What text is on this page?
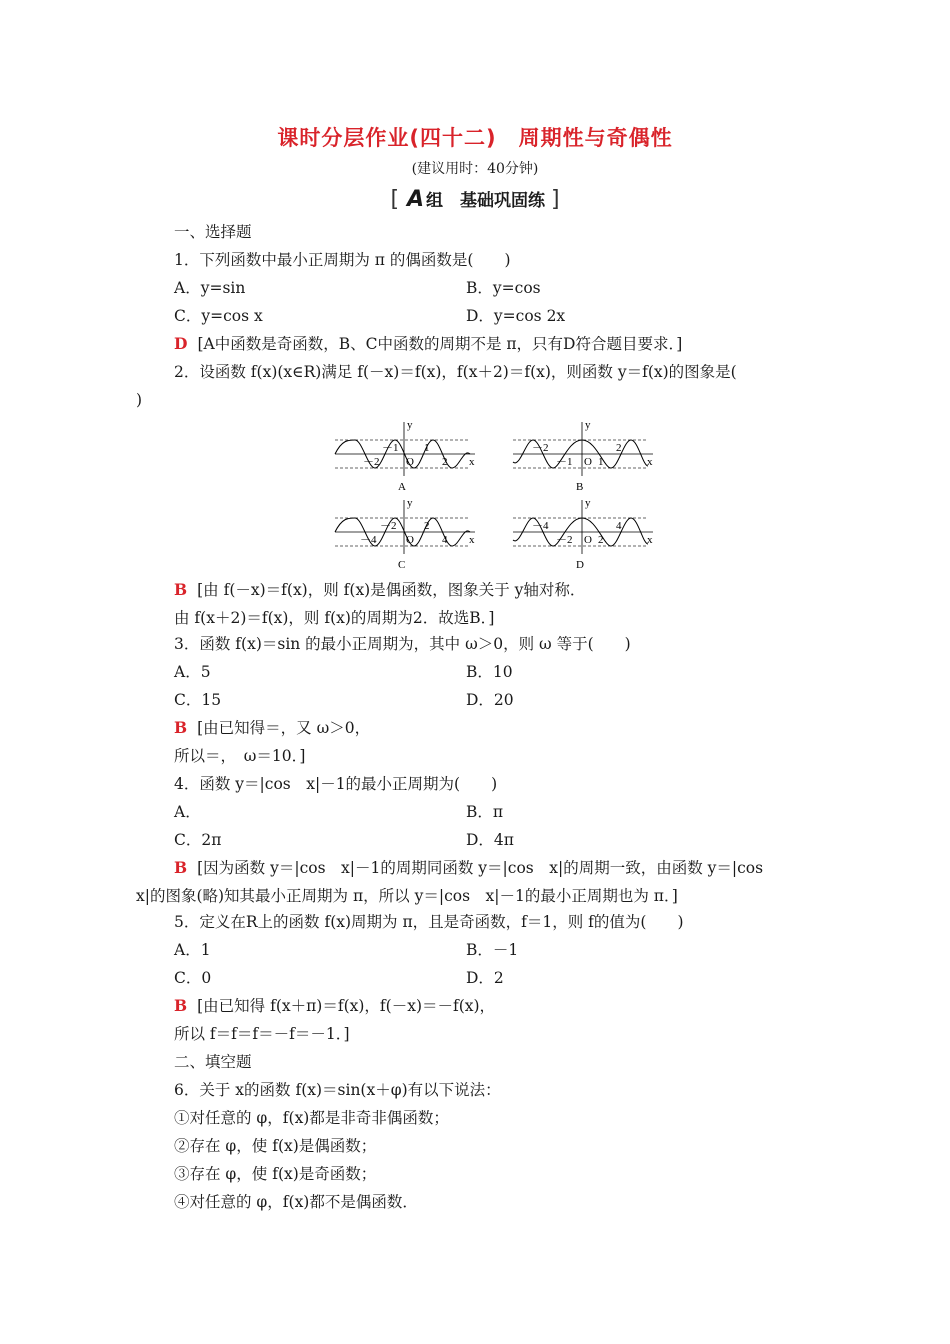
课时分层作业(四十二)　周期性与奇偶性
(建议用时：40分钟)
[ A 组　基础巩固练 ]
一、选择题
1．下列函数中最小正周期为 π 的偶函数是(　　)
A．y=sin	B．y=cos
C．y=cos x	D．y=cos 2x
D [A中函数是奇函数，B、C中函数的周期不是 π，只有D符合题目要求．]
2．设函数 f(x)(x∈R)满足 f(－x)＝f(x)，f(x＋2)＝f(x)，则函数 y＝f(x)的图象是(
)
y
x
O
－1 1
－2	2
A
y
x
O
－2	2
－1 1
B
y
x
O
－2	2
－4	4
C
y
x
O
－4	4
－2 2
D
B [由 f(－x)＝f(x)，则 f(x)是偶函数，图象关于 y轴对称．
由 f(x＋2)＝f(x)，则 f(x)的周期为2．故选B．]
3．函数 f(x)＝sin 的最小正周期为，其中 ω＞0，则 ω 等于(　　)
A．5	B．10
C．15	D．20
B [由已知得＝，又 ω＞0，
所以＝，　ω＝10．]
4．函数 y＝|cos　x|－1的最小正周期为(　　)
A．	B．π
C．2π	D．4π
B [因为函数 y＝|cos　x|－1的周期同函数 y＝|cos　x|的周期一致，由函数 y＝|cos
x|的图象(略)知其最小正周期为 π，所以 y＝|cos　x|－1的最小正周期也为 π．]
5．定义在R上的函数 f(x)周期为 π，且是奇函数，f＝1，则 f的值为(　　)
A．1	B．－1
C．0	D．2
B [由已知得 f(x＋π)＝f(x)，f(－x)＝－f(x)，
所以 f＝f＝f＝－f＝－1．]
二、填空题
6．关于 x的函数 f(x)＝sin(x＋φ)有以下说法：
①对任意的 φ，f(x)都是非奇非偶函数；
②存在 φ，使 f(x)是偶函数；
③存在 φ，使 f(x)是奇函数；
④对任意的 φ，f(x)都不是偶函数．
